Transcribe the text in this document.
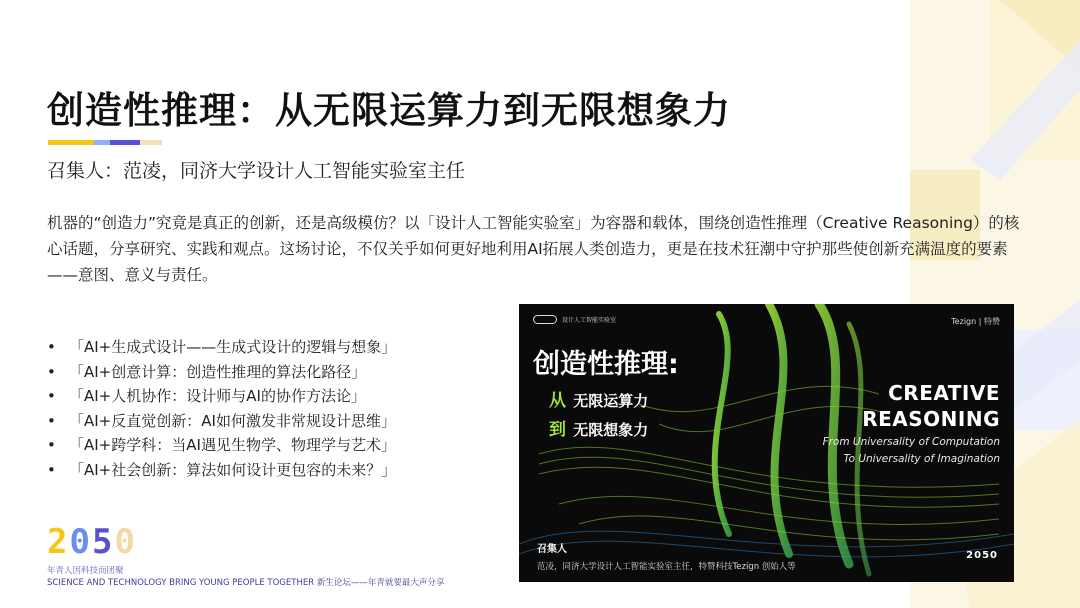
创造性推理：从无限运算力到无限想象力
召集人：范凌，同济大学设计人工智能实验室主任

机器的“创造力”究竟是真正的创新，还是高级模仿？以「设计人工智能实验室」为容器和载体，围绕创造性推理（Creative Reasoning）的核心话题，分享研究、实践和观点。这场讨论，不仅关乎如何更好地利用AI拓展人类创造力，更是在技术狂潮中守护那些使创新充满温度的要素——意图、意义与责任。

• 「AI+生成式设计——生成式设计的逻辑与想象」
• 「AI+创意计算：创造性推理的算法化路径」
• 「AI+人机协作：设计师与AI的协作方法论」
• 「AI+反直觉创新：AI如何激发非常规设计思维」
• 「AI+跨学科：当AI遇见生物学、物理学与艺术」
• 「AI+社会创新：算法如何设计更包容的未来？」
设计人工智能实验室	Tezign | 特赞
创造性推理:
从 无限运算力
到 无限想象力
CREATIVE
REASONING
From Universality of Computation
To Universality of Imagination
召集人
范凌，同济大学设计人工智能实验室主任，特赞科技Tezign 创始人等
2050
2 0 5 0
年青人因科技而团聚
SCIENCE AND TECHNOLOGY BRING YOUNG PEOPLE TOGETHER 新生论坛——年青就要最大声分享
